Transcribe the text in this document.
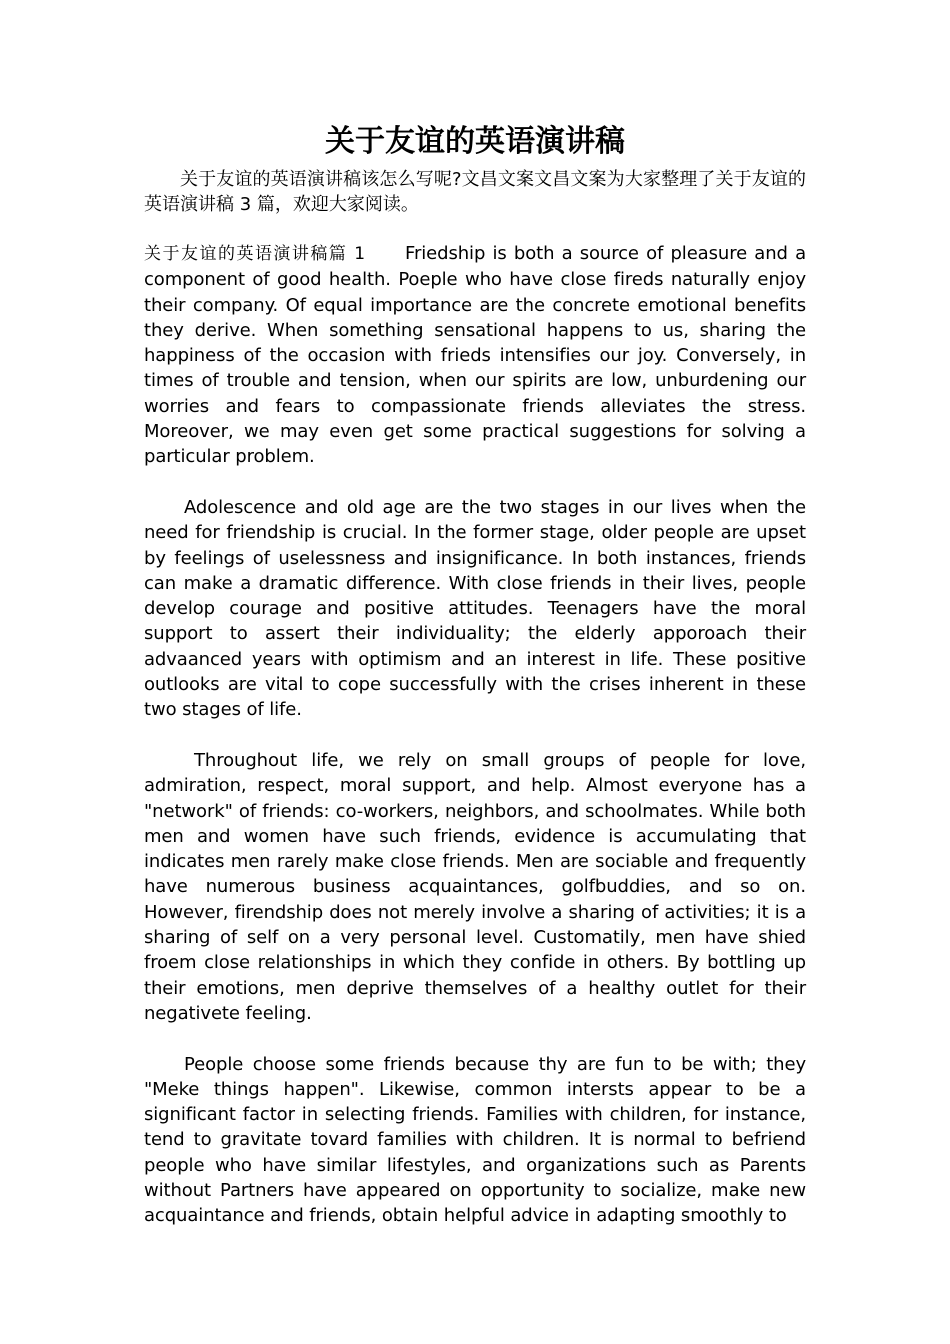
关于友谊的英语演讲稿

关于友谊的英语演讲稿该怎么写呢?文昌文案文昌文案为大家整理了关于友谊的英语演讲稿 3 篇，欢迎大家阅读。

关于友谊的英语演讲稿篇 1 Friedship is both a source of pleasure and a component of good health. Poeple who have close fireds naturally enjoy their company. Of equal importance are the concrete emotional benefits they derive. When something sensational happens to us, sharing the happiness of the occasion with frieds intensifies our joy. Conversely, in times of trouble and tension, when our spirits are low, unburdening our worries and fears to compassionate friends alleviates the stress. Moreover, we may even get some practical suggestions for solving a particular problem.

Adolescence and old age are the two stages in our lives when the need for friendship is crucial. In the former stage, older people are upset by feelings of uselessness and insignificance. In both instances, friends can make a dramatic difference. With close friends in their lives, people develop courage and positive attitudes. Teenagers have the moral support to assert their individuality; the elderly apporoach their advaanced years with optimism and an interest in life. These positive outlooks are vital to cope successfully with the crises inherent in these two stages of life.

Throughout life, we rely on small groups of people for love, admiration, respect, moral support, and help. Almost everyone has a "network" of friends: co-workers, neighbors, and schoolmates. While both men and women have such friends, evidence is accumulating that indicates men rarely make close friends. Men are sociable and frequently have numerous business acquaintances, golfbuddies, and so on. However, firendship does not merely involve a sharing of activities; it is a sharing of self on a very personal level. Customatily, men have shied froem close relationships in which they confide in others. By bottling up their emotions, men deprive themselves of a healthy outlet for their negativete feeling.

People choose some friends because thy are fun to be with; they "Meke things happen". Likewise, common intersts appear to be a significant factor in selecting friends. Families with children, for instance, tend to gravitate tovard families with children. It is normal to befriend people who have similar lifestyles, and organizations such as Parents without Partners have appeared on opportunity to socialize, make new acquaintance and friends, obtain helpful advice in adapting smoothly to
